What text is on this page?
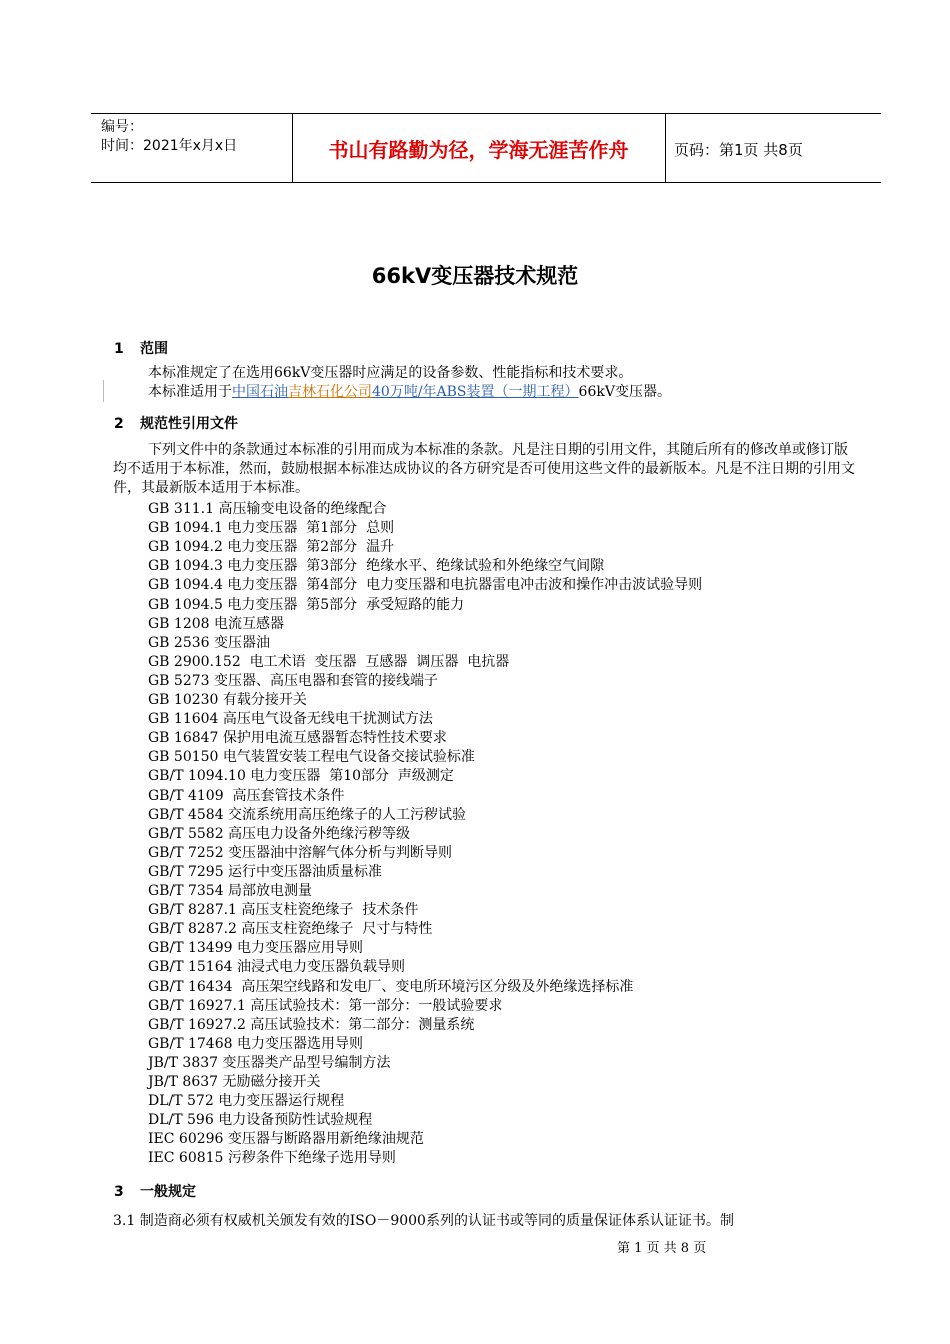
编号：
时间：2021年x月x日	书山有路勤为径，学海无涯苦作舟	页码：第1页 共8页
66kV变压器技术规范
1 范围
本标准规定了在选用66kV变压器时应满足的设备参数、性能指标和技术要求。
本标准适用于中国石油吉林石化公司40万吨/年ABS装置（一期工程）66kV变压器。
2 规范性引用文件
下列文件中的条款通过本标准的引用而成为本标准的条款。凡是注日期的引用文件，其随后所有的修改单或修订版均不适用于本标准，然而，鼓励根据本标准达成协议的各方研究是否可使用这些文件的最新版本。凡是不注日期的引用文件，其最新版本适用于本标准。
GB 311.1 高压输变电设备的绝缘配合
GB 1094.1 电力变压器  第1部分  总则
GB 1094.2 电力变压器  第2部分  温升
GB 1094.3 电力变压器  第3部分  绝缘水平、绝缘试验和外绝缘空气间隙
GB 1094.4 电力变压器  第4部分  电力变压器和电抗器雷电冲击波和操作冲击波试验导则
GB 1094.5 电力变压器  第5部分  承受短路的能力
GB 1208 电流互感器
GB 2536 变压器油
GB 2900.152  电工术语  变压器  互感器  调压器  电抗器
GB 5273 变压器、高压电器和套管的接线端子
GB 10230 有载分接开关
GB 11604 高压电气设备无线电干扰测试方法
GB 16847 保护用电流互感器暂态特性技术要求
GB 50150 电气装置安装工程电气设备交接试验标准
GB/T 1094.10 电力变压器  第10部分  声级测定
GB/T 4109  高压套管技术条件
GB/T 4584 交流系统用高压绝缘子的人工污秽试验
GB/T 5582 高压电力设备外绝缘污秽等级
GB/T 7252 变压器油中溶解气体分析与判断导则
GB/T 7295 运行中变压器油质量标准
GB/T 7354 局部放电测量
GB/T 8287.1 高压支柱瓷绝缘子  技术条件
GB/T 8287.2 高压支柱瓷绝缘子  尺寸与特性
GB/T 13499 电力变压器应用导则
GB/T 15164 油浸式电力变压器负载导则
GB/T 16434  高压架空线路和发电厂、变电所环境污区分级及外绝缘选择标准
GB/T 16927.1 高压试验技术：第一部分：一般试验要求
GB/T 16927.2 高压试验技术：第二部分：测量系统
GB/T 17468 电力变压器选用导则
JB/T 3837 变压器类产品型号编制方法
JB/T 8637 无励磁分接开关
DL/T 572 电力变压器运行规程
DL/T 596 电力设备预防性试验规程
IEC 60296 变压器与断路器用新绝缘油规范
IEC 60815 污秽条件下绝缘子选用导则
3 一般规定
3.1 制造商必须有权威机关颁发有效的ISO－9000系列的认证书或等同的质量保证体系认证证书。制
第 1 页 共 8 页
